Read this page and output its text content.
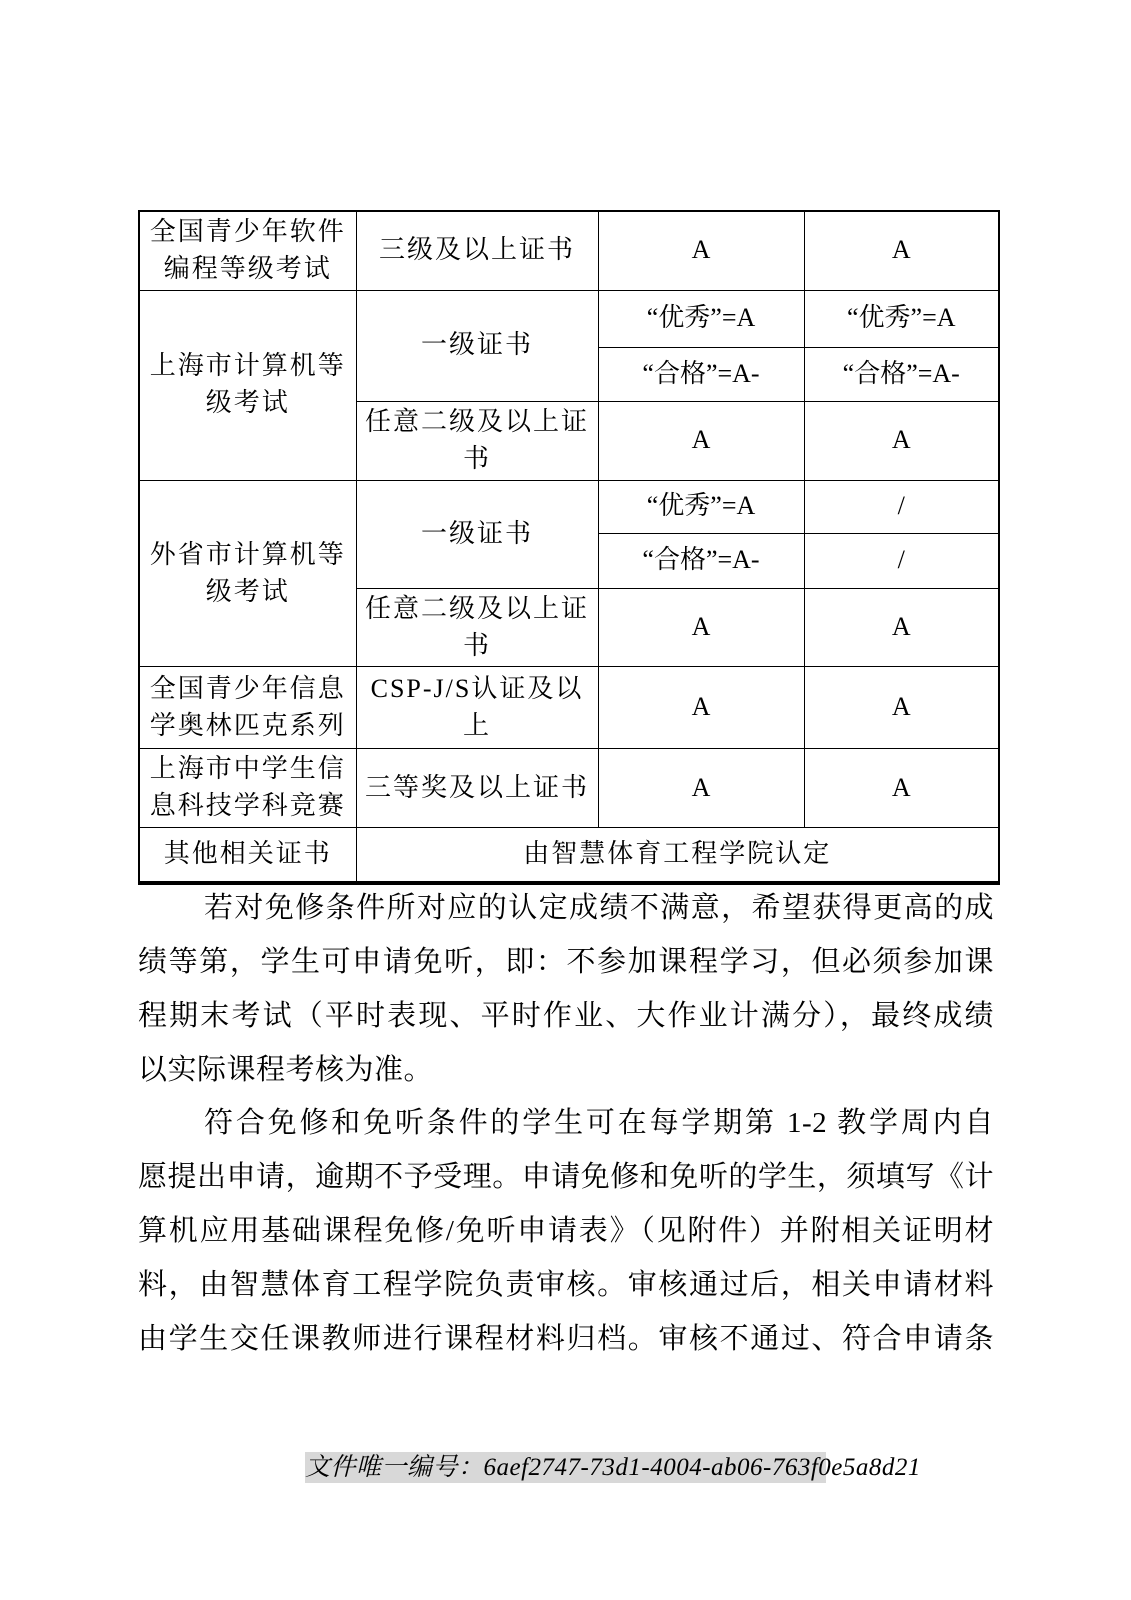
全国青少年软件编程等级考试	三级及以上证书	A	A
上海市计算机等级考试	一级证书	“优秀”=A	“优秀”=A
		“合格”=A-	“合格”=A-
	任意二级及以上证书	A	A
外省市计算机等级考试	一级证书	“优秀”=A	/
		“合格”=A-	/
	任意二级及以上证书	A	A
全国青少年信息学奥林匹克系列	CSP-J/S认证及以上	A	A
上海市中学生信息科技学科竞赛	三等奖及以上证书	A	A
其他相关证书	由智慧体育工程学院认定		
若对免修条件所对应的认定成绩不满意，希望获得更高的成
绩等第，学生可申请免听，即：不参加课程学习，但必须参加课
程期末考试（平时表现、平时作业、大作业计满分），最终成绩
以实际课程考核为准。
符合免修和免听条件的学生可在每学期第 1-2 教学周内自
愿提出申请，逾期不予受理。申请免修和免听的学生，须填写《计
算机应用基础课程免修/免听申请表》（见附件）并附相关证明材
料，由智慧体育工程学院负责审核。审核通过后，相关申请材料
由学生交任课教师进行课程材料归档。审核不通过、符合申请条
文件唯一编号：6aef2747-73d1-4004-ab06-763f0e5a8d21
